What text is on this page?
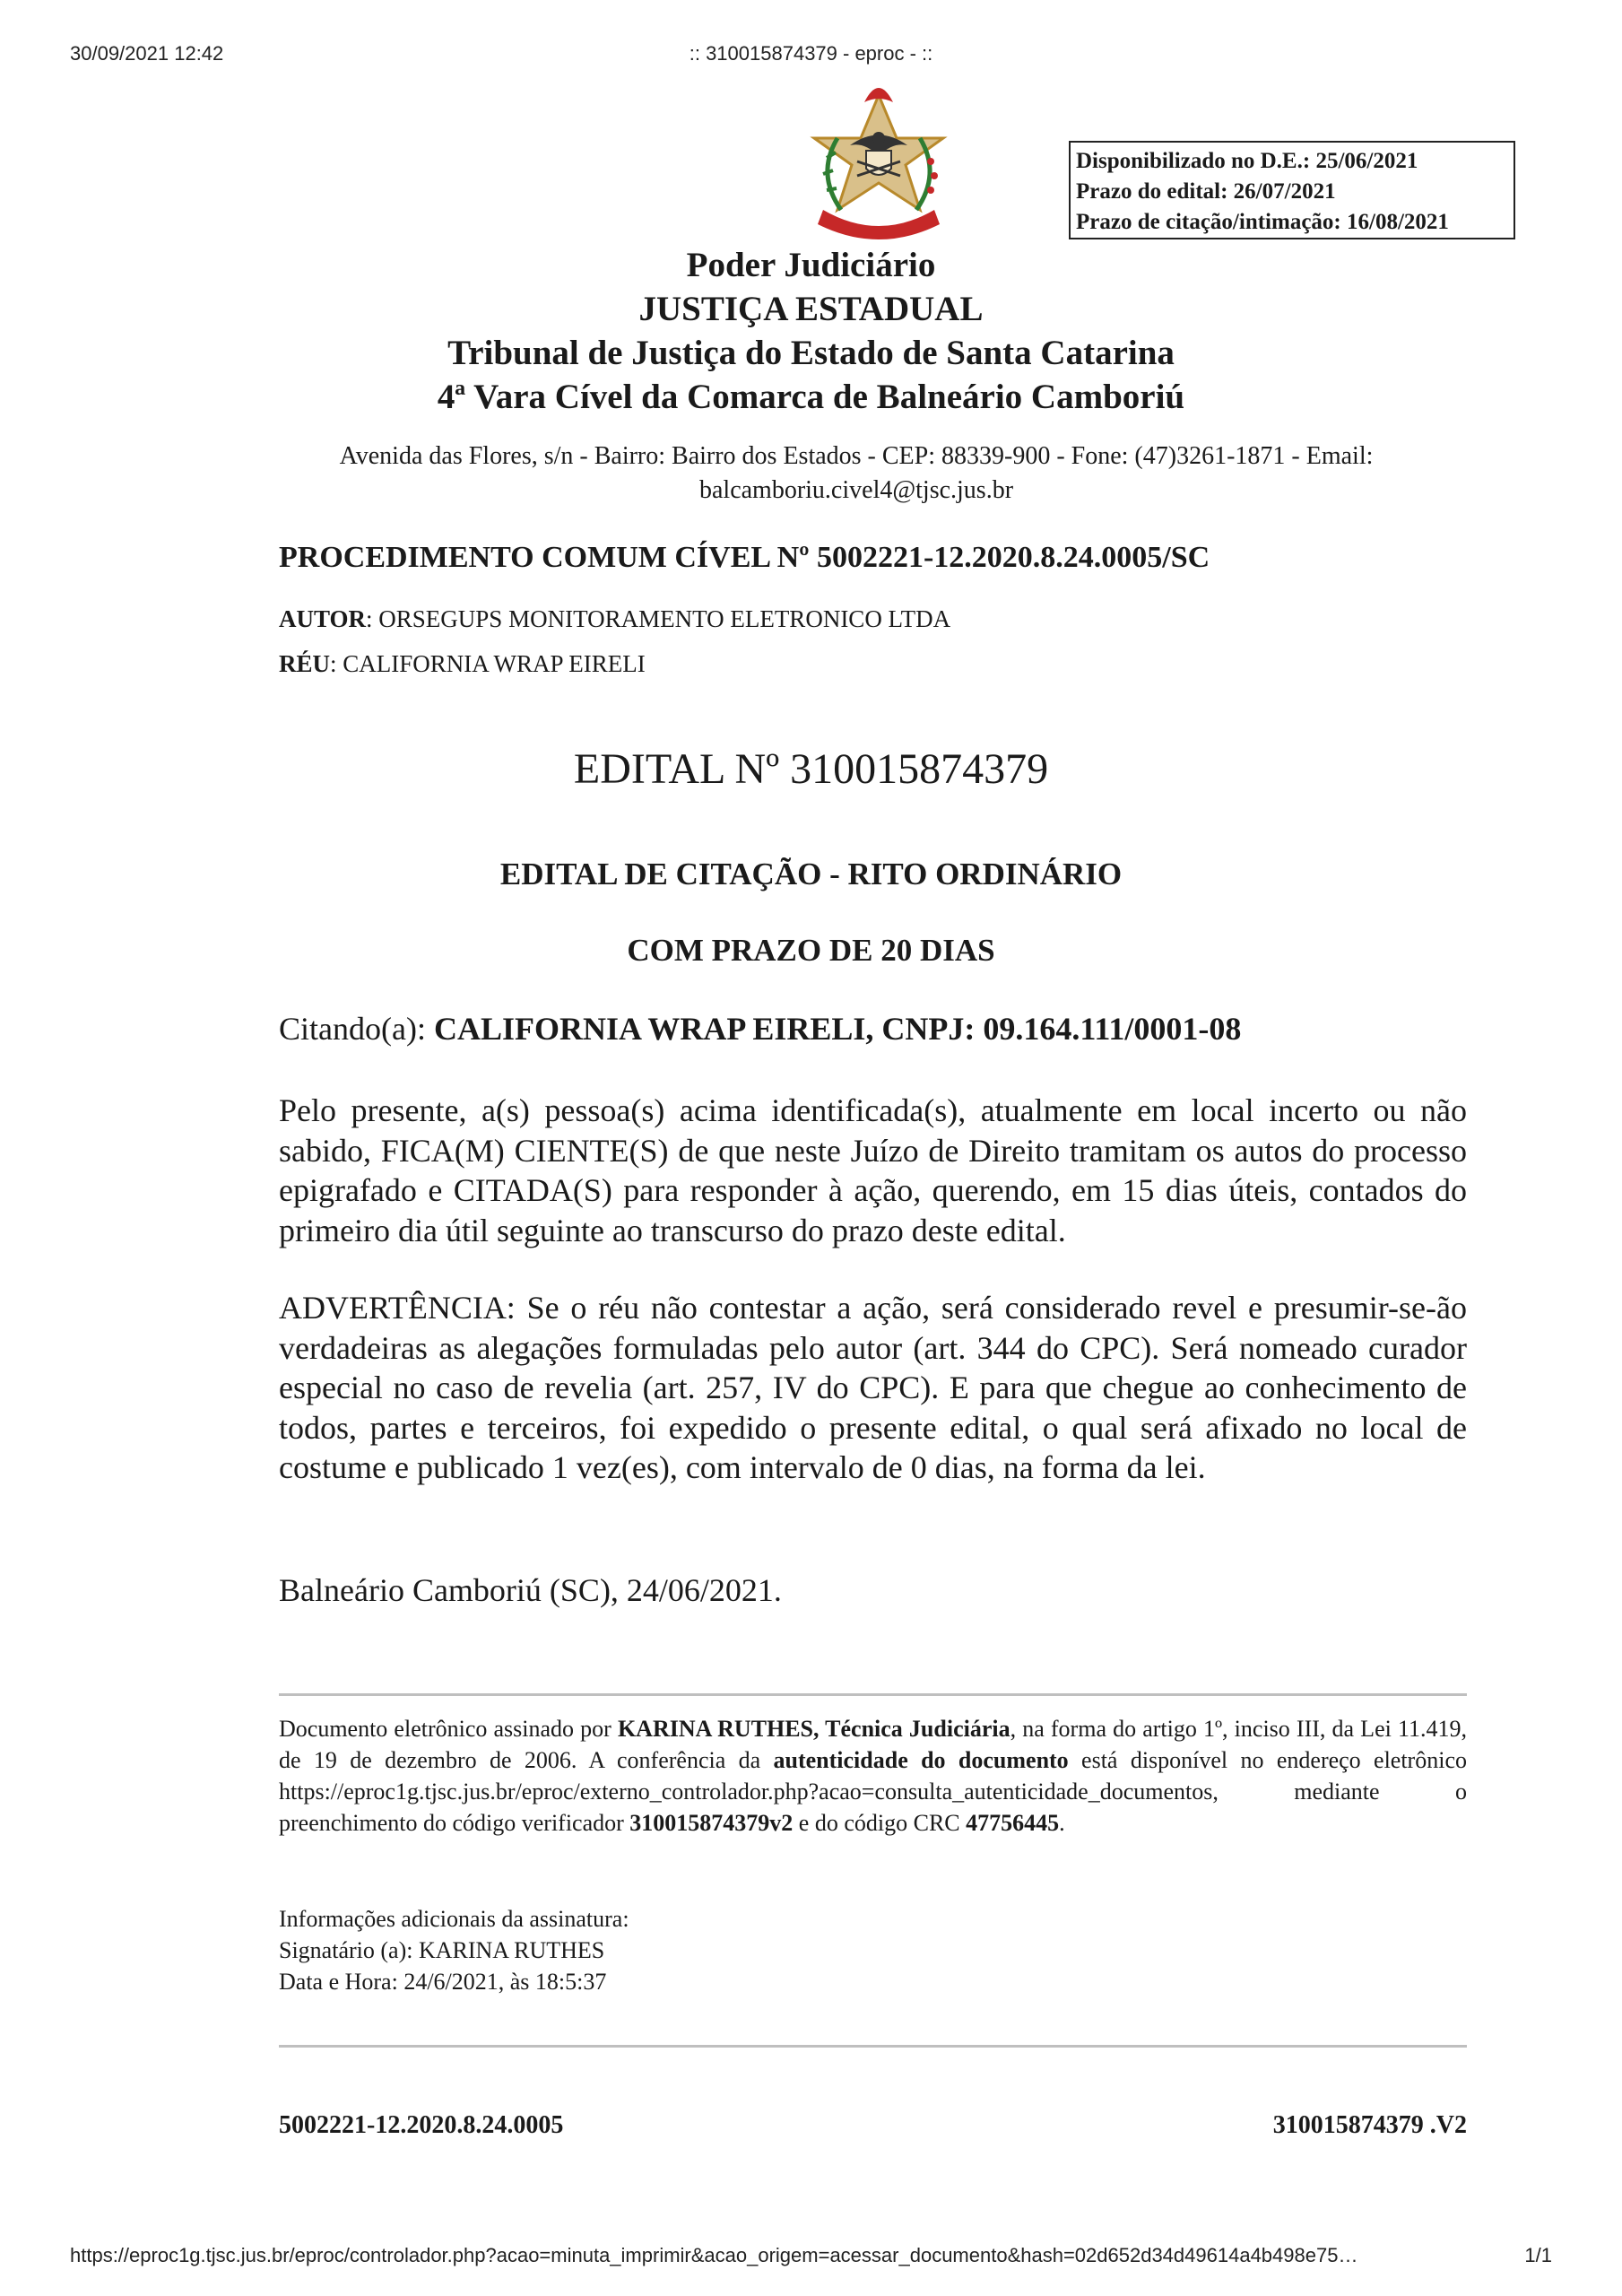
30/09/2021 12:42	:: 310015874379 - eproc - ::
Disponibilizado no D.E.: 25/06/2021
Prazo do edital: 26/07/2021
Prazo de citação/intimação: 16/08/2021
Poder Judiciário
JUSTIÇA ESTADUAL
Tribunal de Justiça do Estado de Santa Catarina
4ª Vara Cível da Comarca de Balneário Camboriú
Avenida das Flores, s/n - Bairro: Bairro dos Estados - CEP: 88339-900 - Fone: (47)3261-1871 - Email: balcamboriu.civel4@tjsc.jus.br
PROCEDIMENTO COMUM CÍVEL Nº 5002221-12.2020.8.24.0005/SC
AUTOR: ORSEGUPS MONITORAMENTO ELETRONICO LTDA
RÉU: CALIFORNIA WRAP EIRELI
EDITAL Nº 310015874379
EDITAL DE CITAÇÃO - RITO ORDINÁRIO
COM PRAZO DE 20 DIAS
Citando(a): CALIFORNIA WRAP EIRELI, CNPJ: 09.164.111/0001-08
Pelo presente, a(s) pessoa(s) acima identificada(s), atualmente em local incerto ou não sabido, FICA(M) CIENTE(S) de que neste Juízo de Direito tramitam os autos do processo epigrafado e CITADA(S) para responder à ação, querendo, em 15 dias úteis, contados do primeiro dia útil seguinte ao transcurso do prazo deste edital.
ADVERTÊNCIA: Se o réu não contestar a ação, será considerado revel e presumir-se-ão verdadeiras as alegações formuladas pelo autor (art. 344 do CPC). Será nomeado curador especial no caso de revelia (art. 257, IV do CPC). E para que chegue ao conhecimento de todos, partes e terceiros, foi expedido o presente edital, o qual será afixado no local de costume e publicado 1 vez(es), com intervalo de 0 dias, na forma da lei.
Balneário Camboriú (SC), 24/06/2021.
Documento eletrônico assinado por KARINA RUTHES, Técnica Judiciária, na forma do artigo 1º, inciso III, da Lei 11.419, de 19 de dezembro de 2006. A conferência da autenticidade do documento está disponível no endereço eletrônico https://eproc1g.tjsc.jus.br/eproc/externo_controlador.php?acao=consulta_autenticidade_documentos, mediante o preenchimento do código verificador 310015874379v2 e do código CRC 47756445.
Informações adicionais da assinatura:
Signatário (a): KARINA RUTHES
Data e Hora: 24/6/2021, às 18:5:37
5002221-12.2020.8.24.0005	310015874379 .V2
https://eproc1g.tjsc.jus.br/eproc/controlador.php?acao=minuta_imprimir&acao_origem=acessar_documento&hash=02d652d34d49614a4b498e75…	1/1
